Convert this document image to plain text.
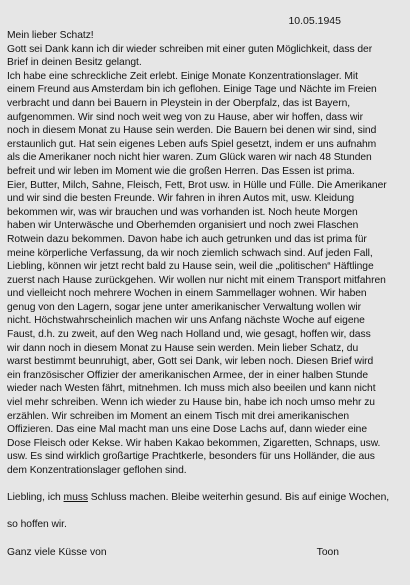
10.05.1945
Mein lieber Schatz!
Gott sei Dank kann ich dir wieder schreiben mit einer guten Möglichkeit, dass der
Brief in deinen Besitz gelangt.
Ich habe eine schreckliche Zeit erlebt. Einige Monate Konzentrationslager. Mit
einem Freund aus Amsterdam bin ich geflohen. Einige Tage und Nächte im Freien
verbracht und dann bei Bauern in Pleystein in der Oberpfalz, das ist Bayern,
aufgenommen. Wir sind noch weit weg von zu Hause, aber wir hoffen, dass wir
noch in diesem Monat zu Hause sein werden. Die Bauern bei denen wir sind, sind
erstaunlich gut. Hat sein eigenes Leben aufs Spiel gesetzt, indem er uns aufnahm
als die Amerikaner noch nicht hier waren. Zum Glück waren wir nach 48 Stunden
befreit und wir leben im Moment wie die großen Herren. Das Essen ist prima.
Eier, Butter, Milch, Sahne, Fleisch, Fett, Brot usw. in Hülle und Fülle. Die Amerikaner
und wir sind die besten Freunde. Wir fahren in ihren Autos mit, usw. Kleidung
bekommen wir, was wir brauchen und was vorhanden ist. Noch heute Morgen
haben wir Unterwäsche und Oberhemden organisiert und noch zwei Flaschen
Rotwein dazu bekommen. Davon habe ich auch getrunken und das ist prima für
meine körperliche Verfassung, da wir noch ziemlich schwach sind. Auf jeden Fall,
Liebling, können wir jetzt recht bald zu Hause sein, weil die „politischen“ Häftlinge
zuerst nach Hause zurückgehen. Wir wollen nur nicht mit einem Transport mitfahren
und vielleicht noch mehrere Wochen in einem Sammellager wohnen. Wir haben
genug von den Lagern, sogar jene unter amerikanischer Verwaltung wollen wir
nicht. Höchstwahrscheinlich machen wir uns Anfang nächste Woche auf eigene
Faust, d.h. zu zweit, auf den Weg nach Holland und, wie gesagt, hoffen wir, dass
wir dann noch in diesem Monat zu Hause sein werden. Mein lieber Schatz, du
warst bestimmt beunruhigt, aber, Gott sei Dank, wir leben noch. Diesen Brief wird
ein französischer Offizier der amerikanischen Armee, der in einer halben Stunde
wieder nach Westen fährt, mitnehmen. Ich muss mich also beeilen und kann nicht
viel mehr schreiben. Wenn ich wieder zu Hause bin, habe ich noch umso mehr zu
erzählen. Wir schreiben im Moment an einem Tisch mit drei amerikanischen
Offizieren. Das eine Mal macht man uns eine Dose Lachs auf, dann wieder eine
Dose Fleisch oder Kekse. Wir haben Kakao bekommen, Zigaretten, Schnaps, usw.
usw. Es sind wirklich großartige Prachtkerle, besonders für uns Holländer, die aus
dem Konzentrationslager geflohen sind.

Liebling, ich muss Schluss machen. Bleibe weiterhin gesund. Bis auf einige Wochen,

so hoffen wir.

Ganz viele Küsse von	Toon
